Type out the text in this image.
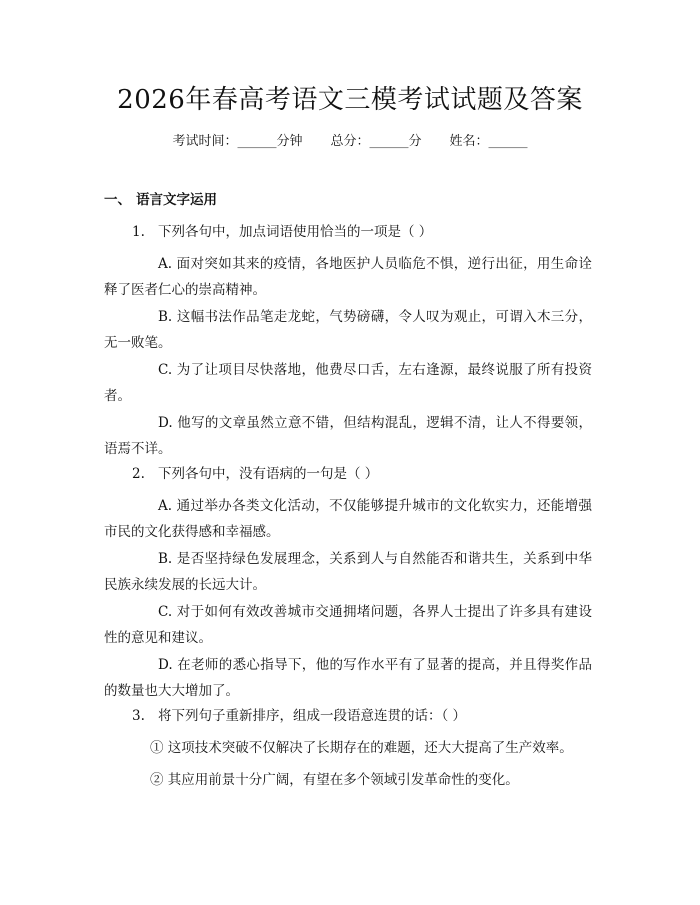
2026年春高考语文三模考试试题及答案
考试时间：______分钟 总分：______分 姓名：______
一、 语言文字运用
1. 下列各句中，加点词语使用恰当的一项是（ ）
A. 面对突如其来的疫情，各地医护人员临危不惧，逆行出征，用生命诠释了医者仁心的崇高精神。
B. 这幅书法作品笔走龙蛇，气势磅礴，令人叹为观止，可谓入木三分，无一败笔。
C. 为了让项目尽快落地，他费尽口舌，左右逢源，最终说服了所有投资者。
D. 他写的文章虽然立意不错，但结构混乱，逻辑不清，让人不得要领，语焉不详。
2. 下列各句中，没有语病的一句是（ ）
A. 通过举办各类文化活动，不仅能够提升城市的文化软实力，还能增强市民的文化获得感和幸福感。
B. 是否坚持绿色发展理念，关系到人与自然能否和谐共生，关系到中华民族永续发展的长远大计。
C. 对于如何有效改善城市交通拥堵问题，各界人士提出了许多具有建设性的意见和建议。
D. 在老师的悉心指导下，他的写作水平有了显著的提高，并且得奖作品的数量也大大增加了。
3. 将下列句子重新排序，组成一段语意连贯的话：（ ）
① 这项技术突破不仅解决了长期存在的难题，还大大提高了生产效率。
② 其应用前景十分广阔，有望在多个领域引发革命性的变化。
